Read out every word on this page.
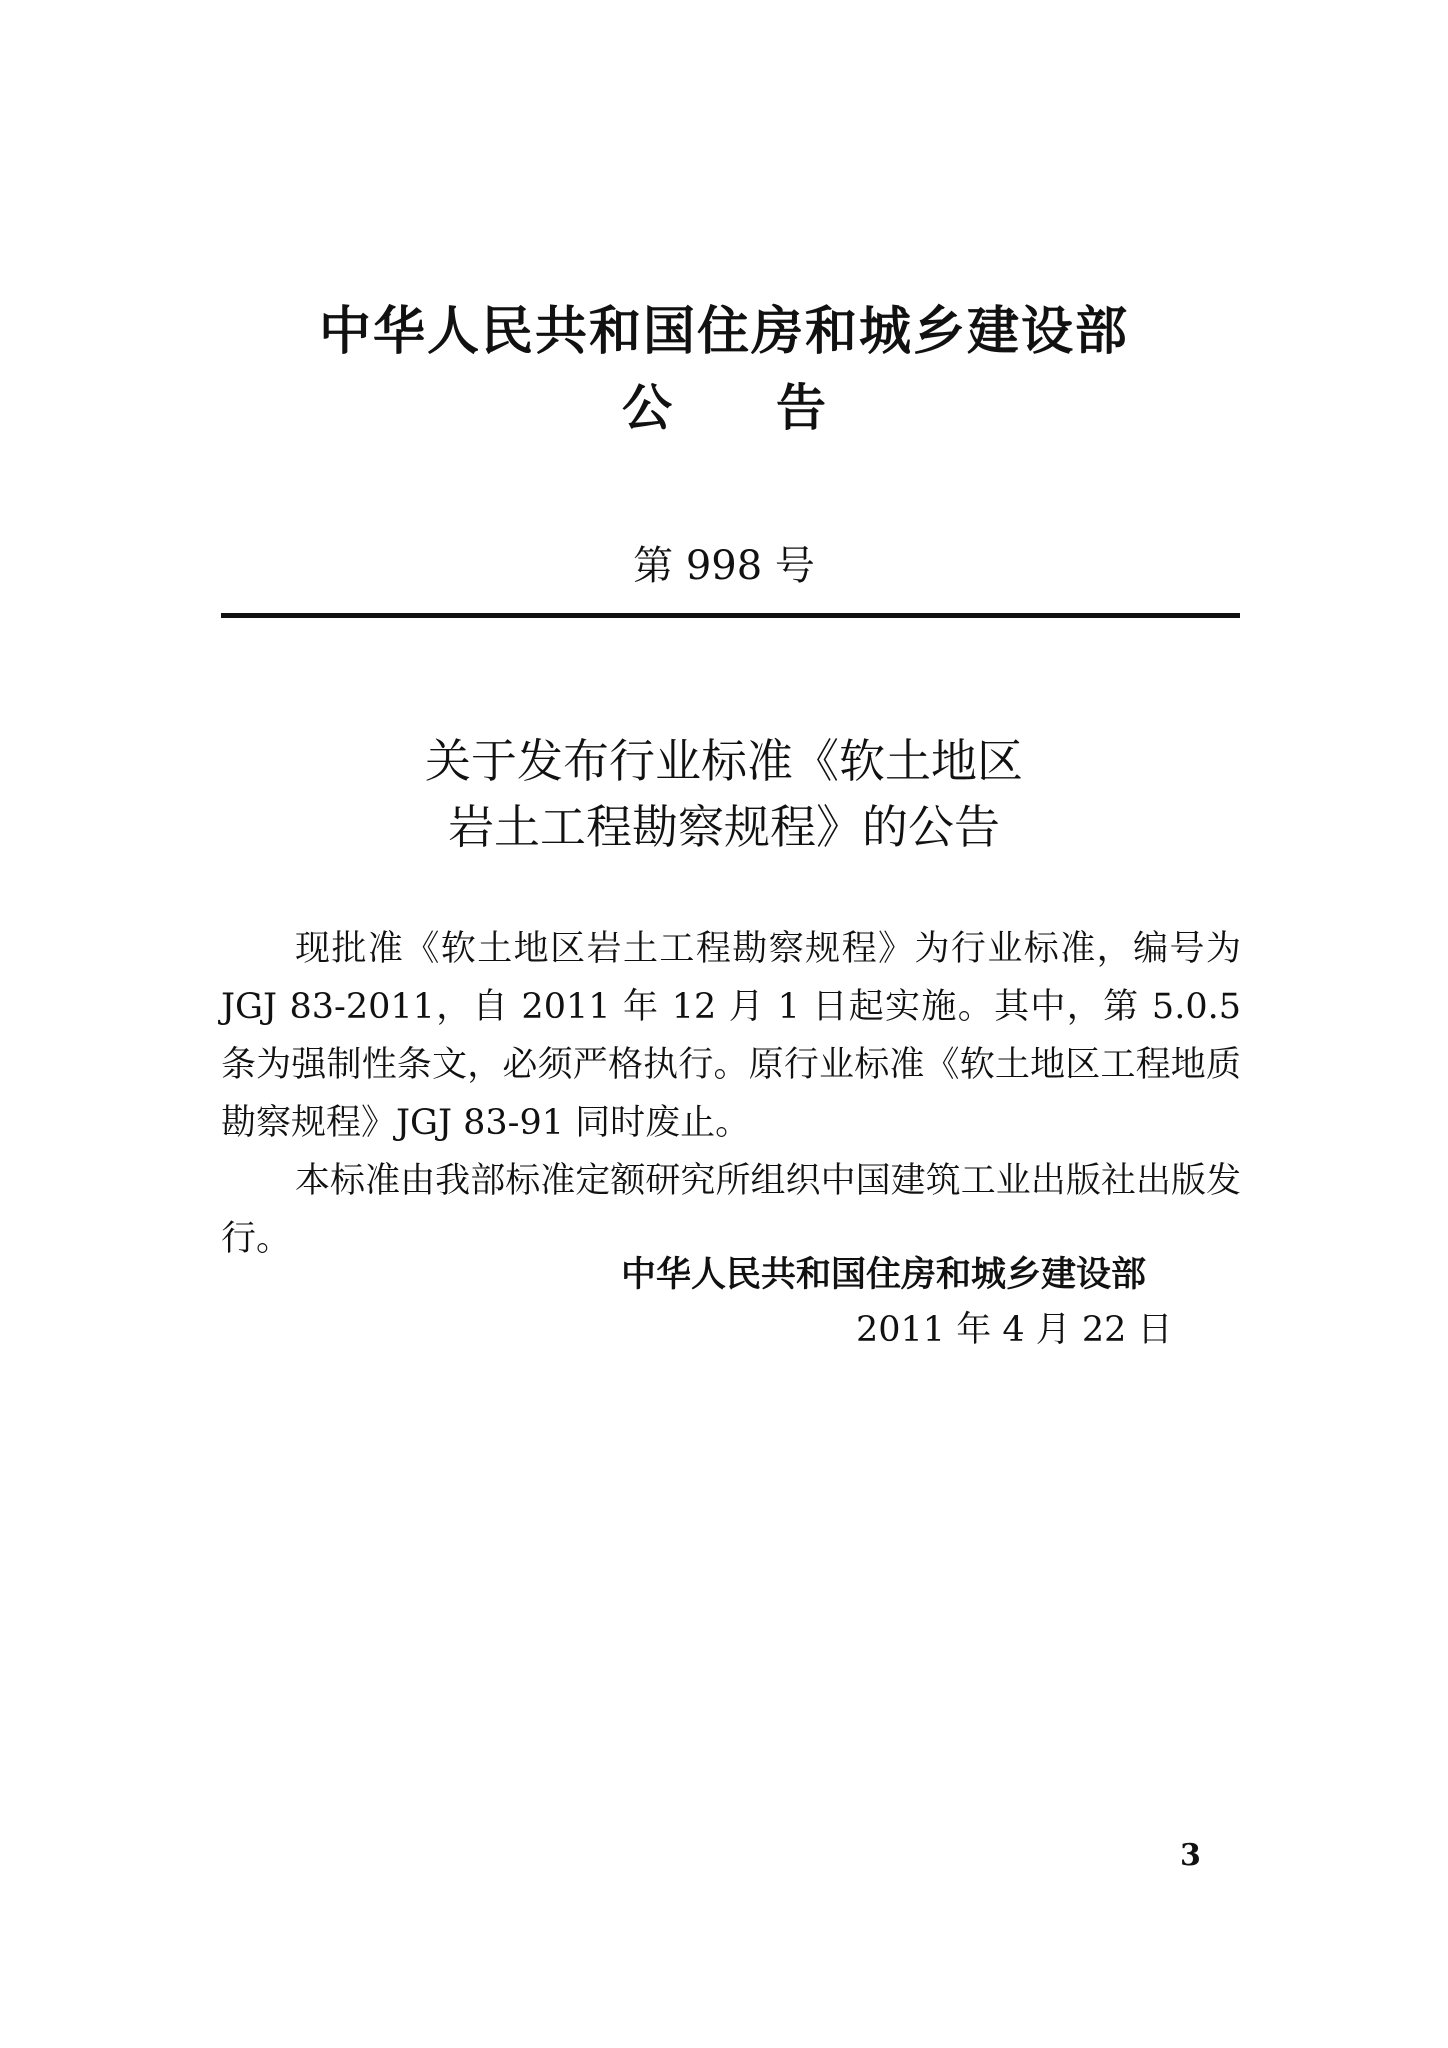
中华人民共和国住房和城乡建设部
公 告
第 998 号
关于发布行业标准《软土地区
岩土工程勘察规程》的公告

现批准《软土地区岩土工程勘察规程》为行业标准，编号为 JGJ 83-2011，自 2011 年 12 月 1 日起实施。其中，第 5.0.5 条为强制性条文，必须严格执行。原行业标准《软土地区工程地质勘察规程》JGJ 83-91 同时废止。

本标准由我部标准定额研究所组织中国建筑工业出版社出版发行。

中华人民共和国住房和城乡建设部
2011 年 4 月 22 日
3
